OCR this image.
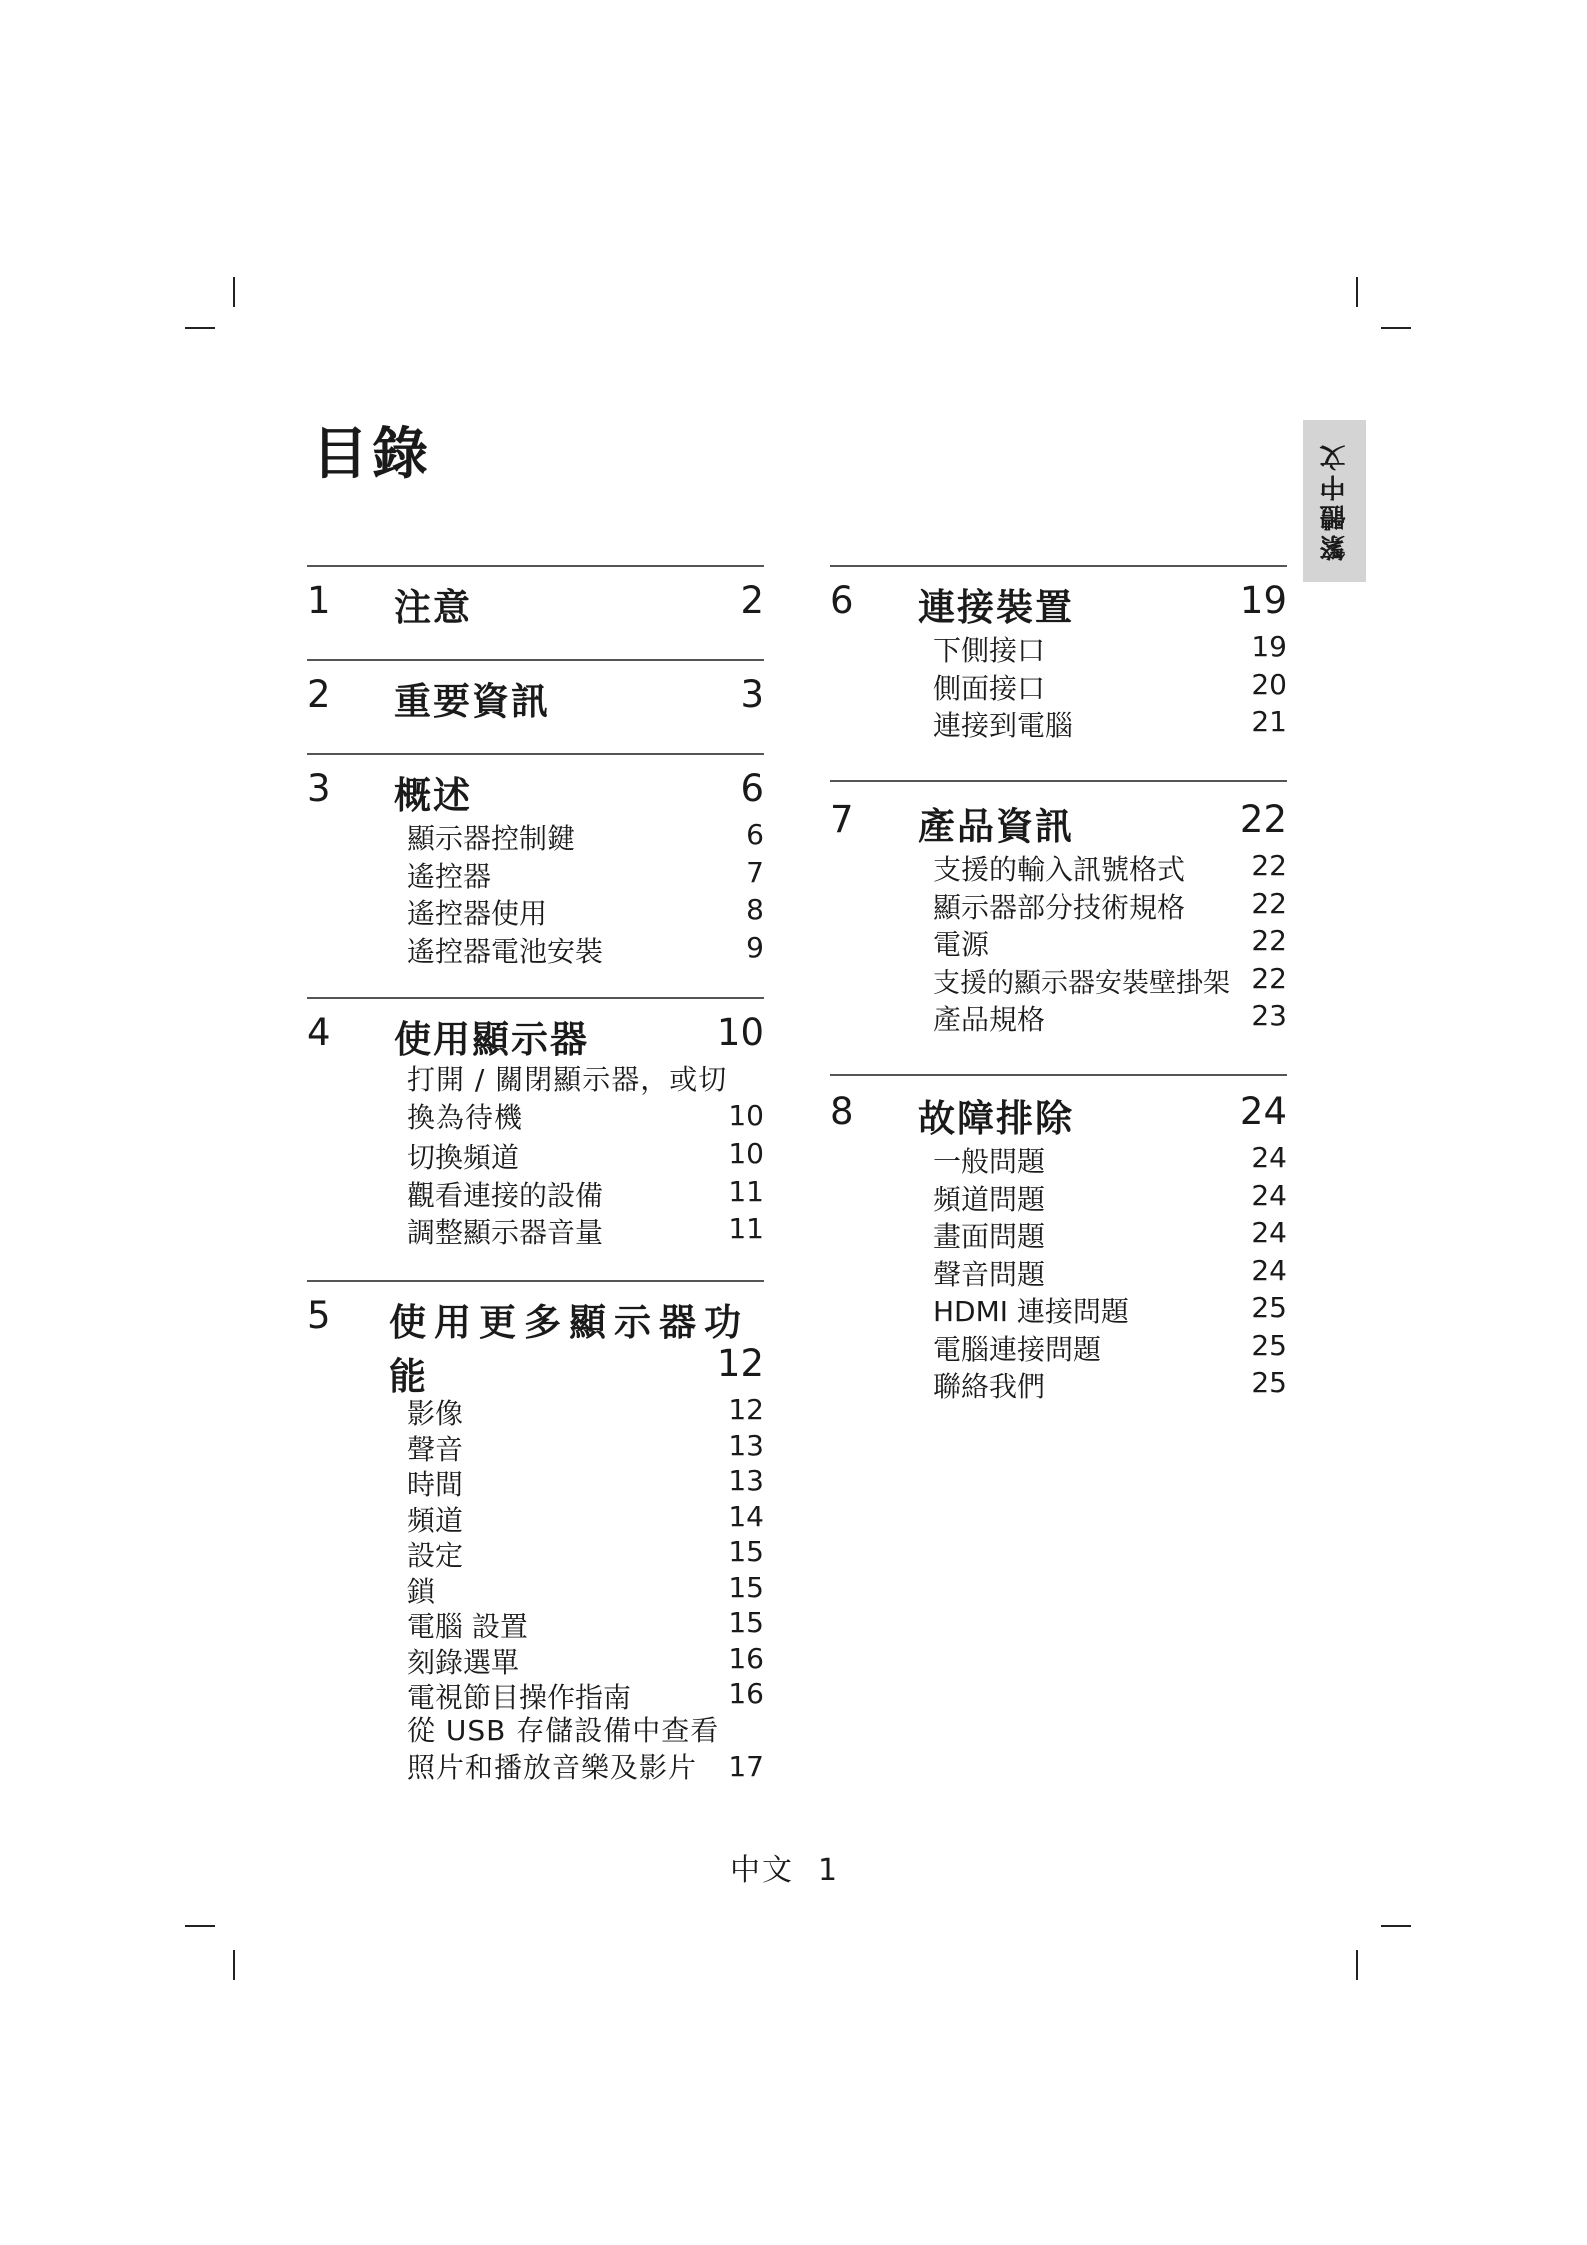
目錄	繁體中文
1 注意	2
2 重要資訊	3
3 概述	6
顯示器控制鍵	6
遙控器	7
遙控器使用	8
遙控器電池安裝	9
4 使用顯示器	10
打開 / 關閉顯示器，或切換為待機	10
切換頻道	10
觀看連接的設備	11
調整顯示器音量	11
5 使用更多顯示器功能	12
影像	12
聲音	13
時間	13
頻道	14
設定	15
鎖	15
電腦 設置	15
刻錄選單	16
電視節目操作指南	16
從 USB 存儲設備中查看照片和播放音樂及影片	17
6 連接裝置	19
下側接口	19
側面接口	20
連接到電腦	21
7 產品資訊	22
支援的輸入訊號格式 22
顯示器部分技術規格 22
電源	22
支援的顯示器安裝壁掛架 22
產品規格	23
8 故障排除	24
一般問題	24
頻道問題	24
畫面問題	24
聲音問題	24
HDMI 連接問題	25
電腦連接問題	25
聯絡我們	25
中文 1
